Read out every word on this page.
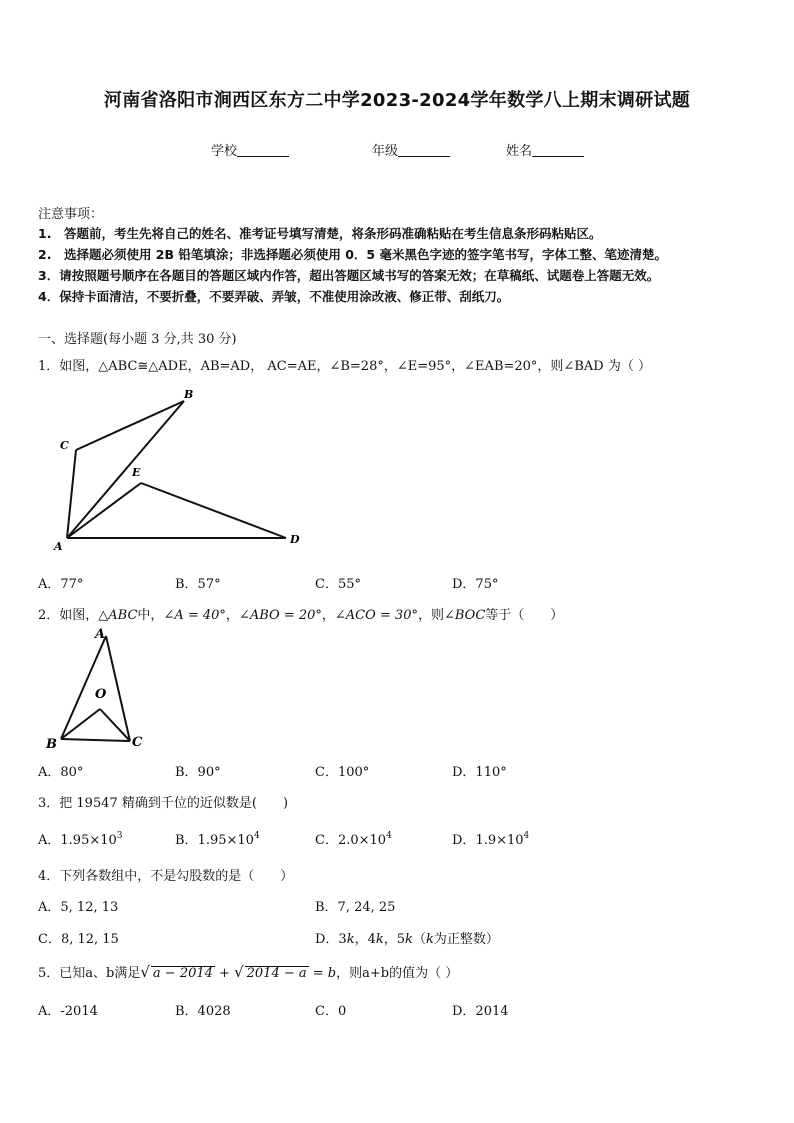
河南省洛阳市涧西区东方二中学2023-2024学年数学八上期末调研试题
学校	年级	姓名
注意事项：
1.　答题前，考生先将自己的姓名、准考证号填写清楚，将条形码准确粘贴在考生信息条形码粘贴区。
2.　选择题必须使用 2B 铅笔填涂；非选择题必须使用 0．5 毫米黑色字迹的签字笔书写，字体工整、笔迹清楚。
3．请按照题号顺序在各题目的答题区域内作答，超出答题区域书写的答案无效；在草稿纸、试题卷上答题无效。
4．保持卡面清洁，不要折叠，不要弄破、弄皱，不准使用涂改液、修正带、刮纸刀。
一、选择题(每小题 3 分,共 30 分)
1．如图，△ABC≅△ADE，AB=AD， AC=AE，∠B=28°，∠E=95°，∠EAB=20°，则∠BAD 为（ ）
A
C
B
E
D
A．77°	B．57°	C．55°	D．75°
2．如图，△ABC中，∠A = 40°，∠ABO = 20°，∠ACO = 30°，则∠BOC等于（　　）
A
O
B	C
A．80°	B．90°	C．100°	D．110°
3．把 19547 精确到千位的近似数是(　　)
A．$1.95\times 10^3$	B．$1.95\times 10^4$	C．$2.0\times 10^4$	D．$1.9\times 10^4$
4．下列各数组中，不是勾股数的是（　　）
A．5, 12, 13	B．7, 24, 25
C．8, 12, 15	D．3k，4k，5k（k为正整数）
5．已知a、b满足√ a − 2014 + √ 2014 − a = b，则a+b的值为（ ）
A．-2014	B．4028	C．0	D．2014
